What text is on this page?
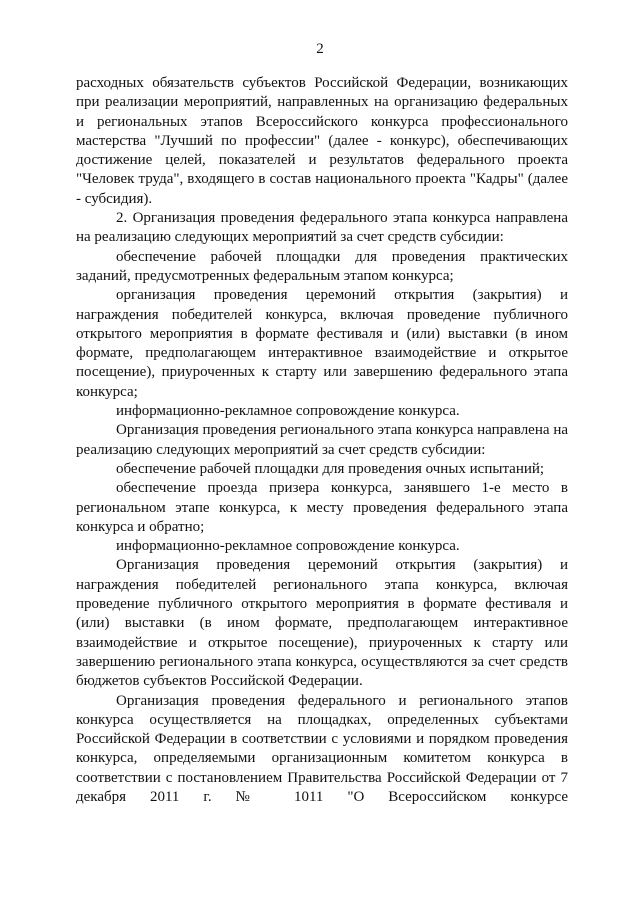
2

расходных обязательств субъектов Российской Федерации, возникающих при реализации мероприятий, направленных на организацию федеральных и региональных этапов Всероссийского конкурса профессионального мастерства "Лучший по профессии" (далее - конкурс), обеспечивающих достижение целей, показателей и результатов федерального проекта "Человек труда", входящего в состав национального проекта "Кадры" (далее - субсидия).

2. Организация проведения федерального этапа конкурса направлена на реализацию следующих мероприятий за счет средств субсидии:

обеспечение рабочей площадки для проведения практических заданий, предусмотренных федеральным этапом конкурса;

организация проведения церемоний открытия (закрытия) и награждения победителей конкурса, включая проведение публичного открытого мероприятия в формате фестиваля и (или) выставки (в ином формате, предполагающем интерактивное взаимодействие и открытое посещение), приуроченных к старту или завершению федерального этапа конкурса;

информационно-рекламное сопровождение конкурса.

Организация проведения регионального этапа конкурса направлена на реализацию следующих мероприятий за счет средств субсидии:

обеспечение рабочей площадки для проведения очных испытаний;

обеспечение проезда призера конкурса, занявшего 1-е место в региональном этапе конкурса, к месту проведения федерального этапа конкурса и обратно;

информационно-рекламное сопровождение конкурса.

Организация проведения церемоний открытия (закрытия) и награждения победителей регионального этапа конкурса, включая проведение публичного открытого мероприятия в формате фестиваля и (или) выставки (в ином формате, предполагающем интерактивное взаимодействие и открытое посещение), приуроченных к старту или завершению регионального этапа конкурса, осуществляются за счет средств бюджетов субъектов Российской Федерации.

Организация проведения федерального и регионального этапов конкурса осуществляется на площадках, определенных субъектами Российской Федерации в соответствии с условиями и порядком проведения конкурса, определяемыми организационным комитетом конкурса в соответствии с постановлением Правительства Российской Федерации от 7 декабря 2011 г. № 1011 "О Всероссийском конкурсе
